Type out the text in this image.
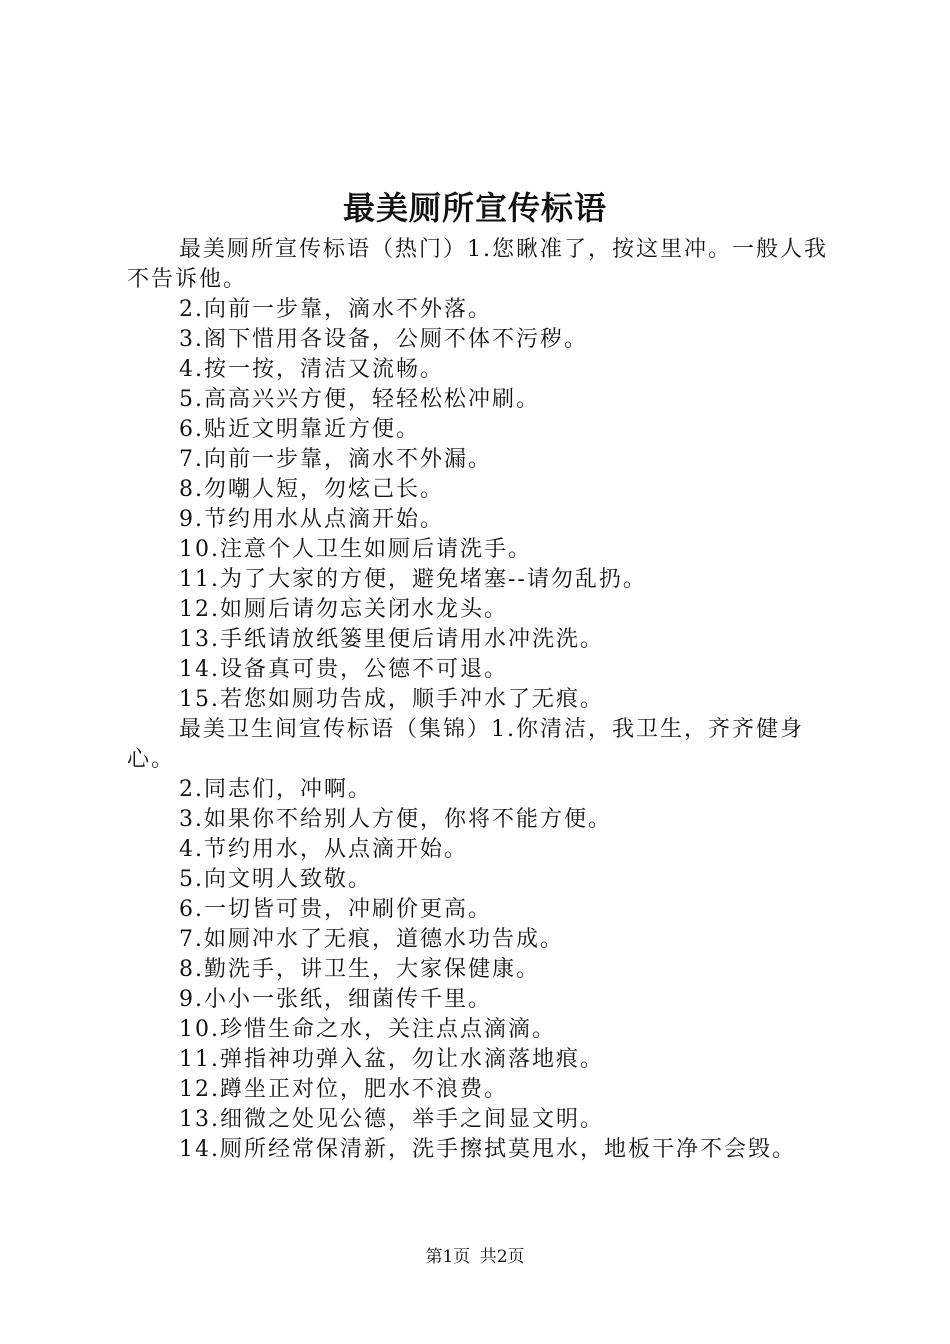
最美厕所宣传标语

最美厕所宣传标语（热门）1.您瞅准了，按这里冲。一般人我不告诉他。

2.向前一步靠，滴水不外落。

3.阁下惜用各设备，公厕不体不污秽。

4.按一按，清洁又流畅。

5.高高兴兴方便，轻轻松松冲刷。

6.贴近文明靠近方便。

7.向前一步靠，滴水不外漏。

8.勿嘲人短，勿炫己长。

9.节约用水从点滴开始。

10.注意个人卫生如厕后请洗手。

11.为了大家的方便，避免堵塞--请勿乱扔。

12.如厕后请勿忘关闭水龙头。

13.手纸请放纸篓里便后请用水冲洗洗。

14.设备真可贵，公德不可退。

15.若您如厕功告成，顺手冲水了无痕。

最美卫生间宣传标语（集锦）1.你清洁，我卫生，齐齐健身心。

2.同志们，冲啊。

3.如果你不给别人方便，你将不能方便。

4.节约用水，从点滴开始。

5.向文明人致敬。

6.一切皆可贵，冲刷价更高。

7.如厕冲水了无痕，道德水功告成。

8.勤洗手，讲卫生，大家保健康。

9.小小一张纸，细菌传千里。

10.珍惜生命之水，关注点点滴滴。

11.弹指神功弹入盆，勿让水滴落地痕。

12.蹲坐正对位，肥水不浪费。

13.细微之处见公德，举手之间显文明。

14.厕所经常保清新，洗手擦拭莫甩水，地板干净不会毁。

第1页 共2页
